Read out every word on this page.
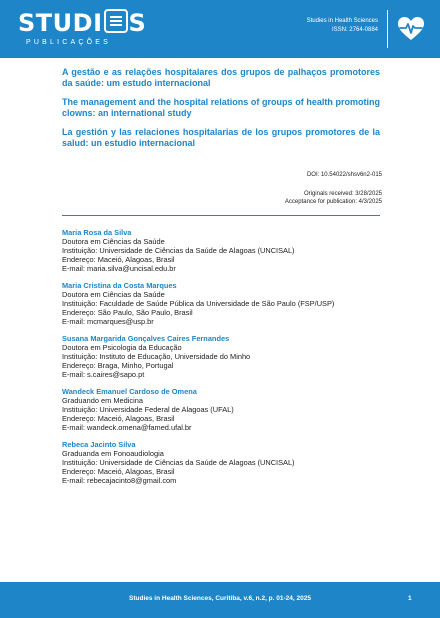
STUDI S
PUBLICAÇÕES
Studies in Health Sciences
ISSN: 2764-0884
A gestão e as relações hospitalares dos grupos de palhaços promotores da saúde: um estudo internacional
The management and the hospital relations of groups of health promoting clowns: an international study
La gestión y las relaciones hospitalarias de los grupos promotores de la salud: un estudio internacional
DOI: 10.54022/shsv6n2-015
Originals received: 3/28/2025
Acceptance for publication: 4/3/2025
Maria Rosa da Silva
Doutora em Ciências da Saúde
Instituição: Universidade de Ciências da Saúde de Alagoas (UNCISAL)
Endereço: Maceió, Alagoas, Brasil
E-mail: maria.silva@uncisal.edu.br
Maria Cristina da Costa Marques
Doutora em Ciências da Saúde
Instituição: Faculdade de Saúde Pública da Universidade de São Paulo (FSP/USP)
Endereço: São Paulo, São Paulo, Brasil
E-mail: mcmarques@usp.br
Susana Margarida Gonçalves Caires Fernandes
Doutora em Psicologia da Educação
Instituição: Instituto de Educação, Universidade do Minho
Endereço: Braga, Minho, Portugal
E-mail: s.caires@sapo.pt
Wandeck Emanuel Cardoso de Omena
Graduando em Medicina
Instituição: Universidade Federal de Alagoas (UFAL)
Endereço: Maceió, Alagoas, Brasil
E-mail: wandeck.omena@famed.ufal.br
Rebeca Jacinto Silva
Graduanda em Fonoaudiologia
Instituição: Universidade de Ciências da Saúde de Alagoas (UNCISAL)
Endereço: Maceió, Alagoas, Brasil
E-mail: rebecajacinto8@gmail.com
Studies in Health Sciences, Curitiba, v.6, n.2, p. 01-24, 2025	1
